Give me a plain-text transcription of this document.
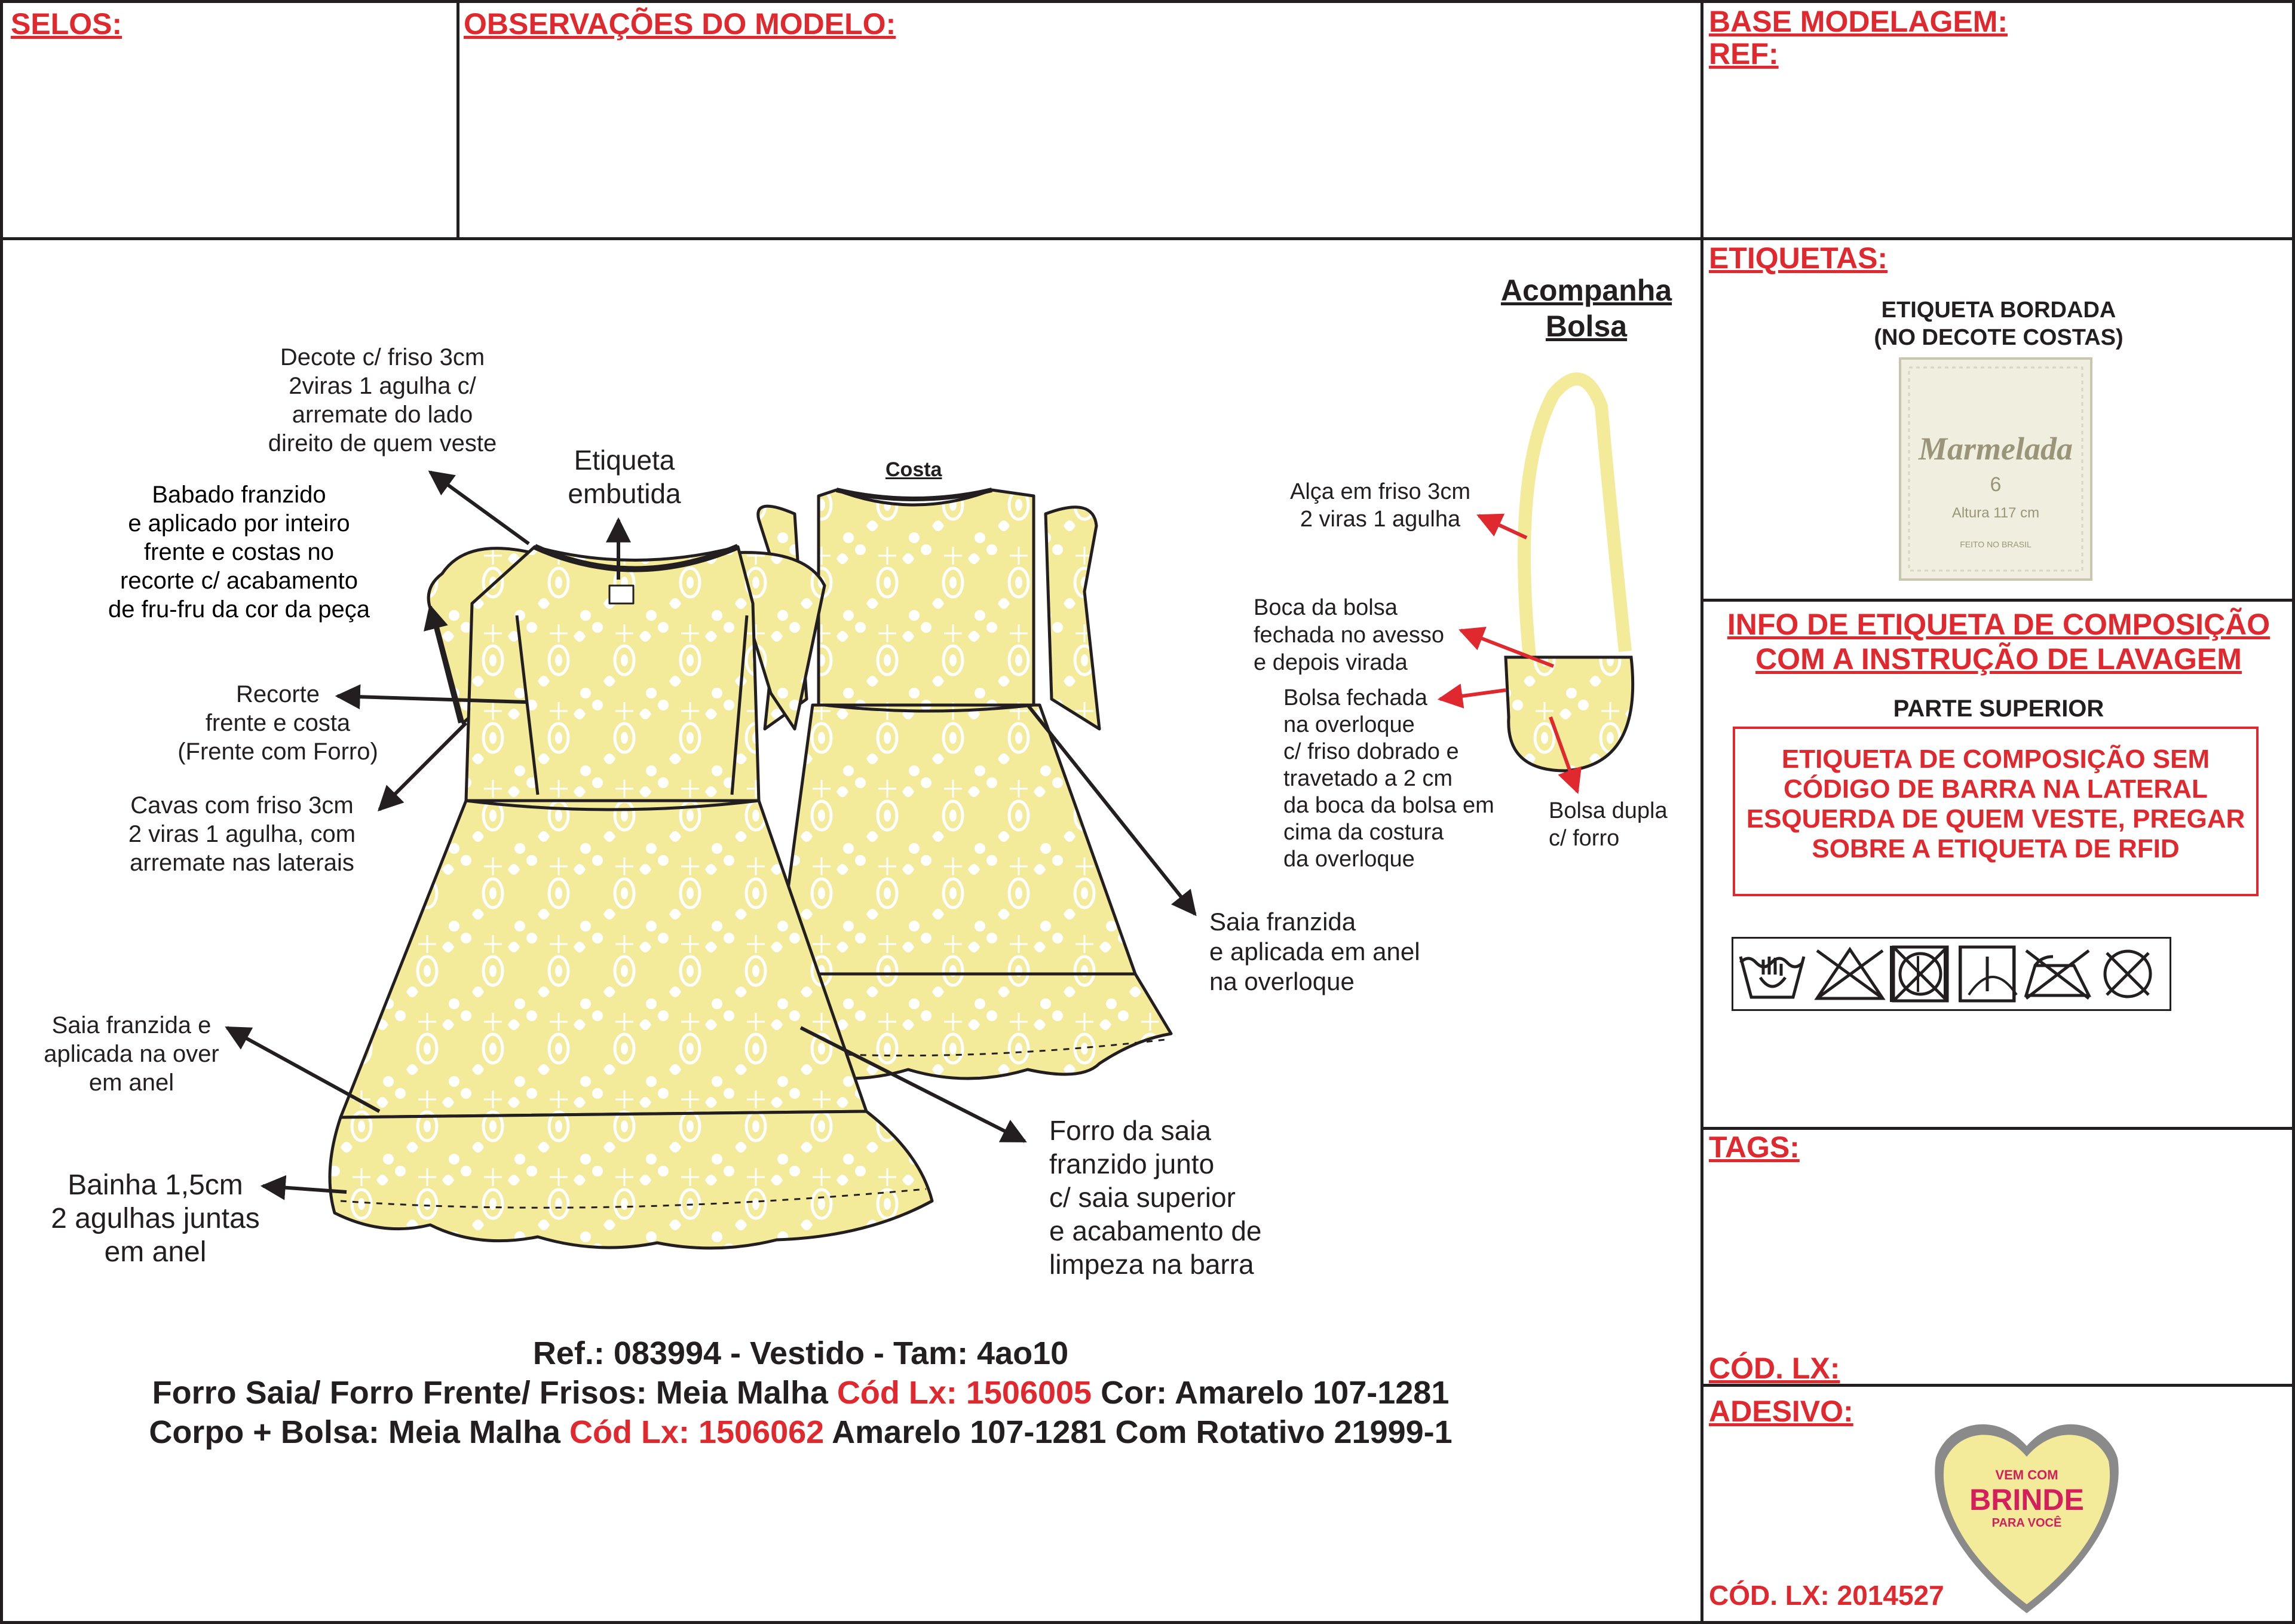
SELOS:	OBSERVAÇÕES DO MODELO:	BASE MODELAGEM:
REF:
Decote c/ friso 3cm
2viras 1 agulha c/
arremate do lado
direito de quem veste
Etiqueta
embutida
Babado franzido
e aplicado por inteiro
frente e costas no
recorte c/ acabamento
de fru-fru da cor da peça
Recorte
frente e costa
(Frente com Forro)
Cavas com friso 3cm
2 viras 1 agulha, com
arremate nas laterais
Saia franzida e
aplicada na over
em anel
Bainha 1,5cm
2 agulhas juntas
em anel
Costa
Saia franzida
e aplicada em anel
na overloque
Forro da saia
franzido junto
c/ saia superior
e acabamento de
limpeza na barra
Acompanha
Bolsa
Alça em friso 3cm
2 viras 1 agulha
Boca da bolsa
fechada no avesso
e depois virada
Bolsa fechada
na overloque
c/ friso dobrado e
travetado a 2 cm
da boca da bolsa em
cima da costura
da overloque
Bolsa dupla
c/ forro
Ref.: 083994 - Vestido - Tam: 4ao10
Forro Saia/ Forro Frente/ Frisos: Meia Malha Cód Lx: 1506005 Cor: Amarelo 107-1281
Corpo + Bolsa: Meia Malha Cód Lx: 1506062 Amarelo 107-1281 Com Rotativo 21999-1
ETIQUETAS:
ETIQUETA BORDADA
(NO DECOTE COSTAS)
Marmelada
6
Altura 117 cm
FEITO NO BRASIL
INFO DE ETIQUETA DE COMPOSIÇÃO
COM A INSTRUÇÃO DE LAVAGEM
PARTE SUPERIOR
ETIQUETA DE COMPOSIÇÃO SEM
CÓDIGO DE BARRA NA LATERAL
ESQUERDA DE QUEM VESTE, PREGAR
SOBRE A ETIQUETA DE RFID
TAGS:
CÓD. LX:
ADESIVO:
VEM COM
BRINDE
PARA VOCÊ
CÓD. LX: 2014527
